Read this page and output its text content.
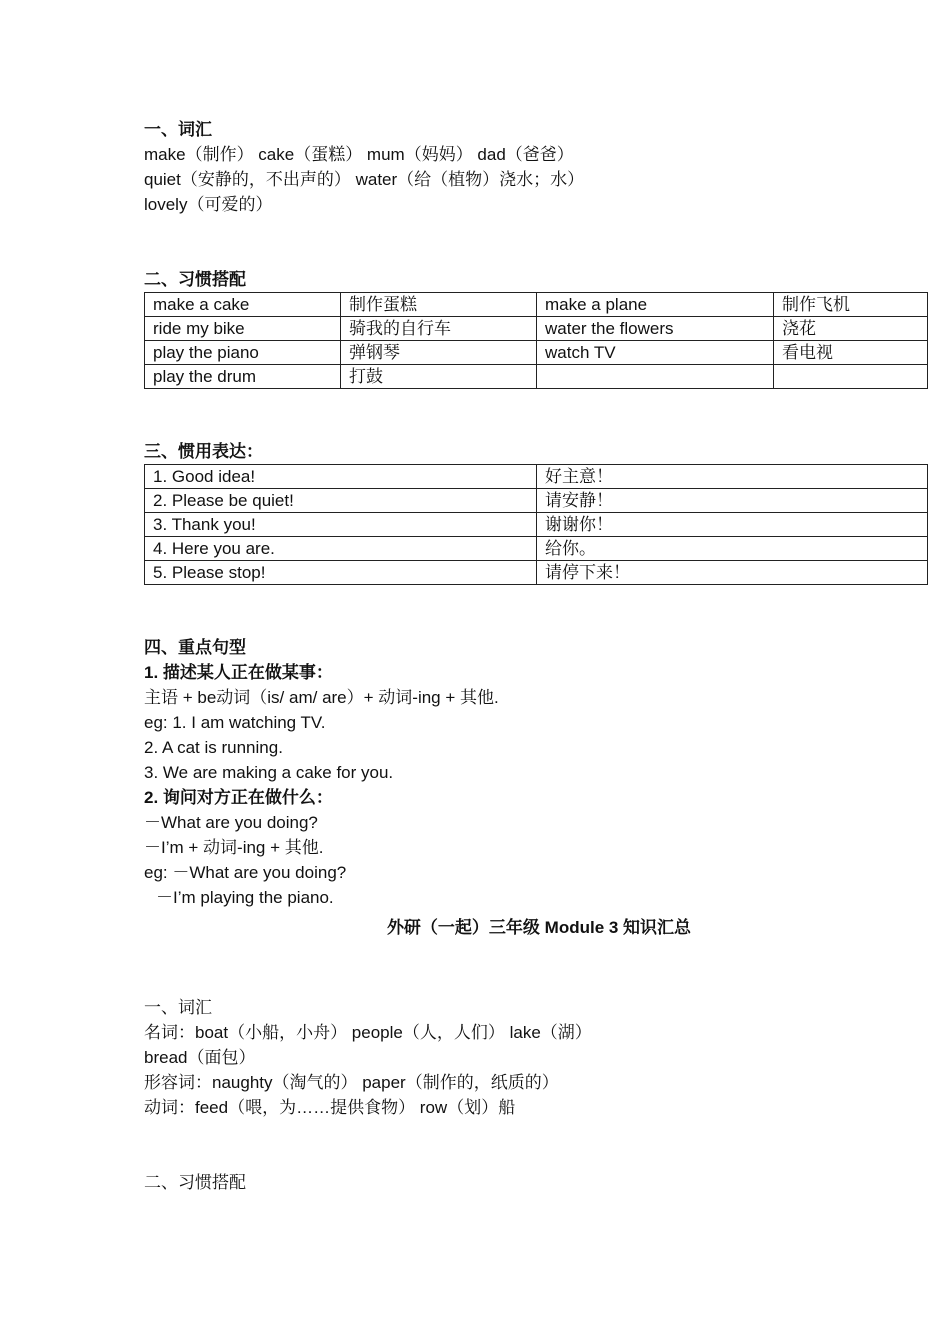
一、词汇
make（制作） cake（蛋糕） mum（妈妈） dad（爸爸）
quiet（安静的，不出声的） water（给（植物）浇水；水）
lovely（可爱的）
二、习惯搭配
make a cake	制作蛋糕	make a plane	制作飞机
ride my bike	骑我的自行车	water the flowers	浇花
play the piano	弹钢琴	watch TV	看电视
play the drum	打鼓		
三、惯用表达：
1. Good idea!	好主意！
2. Please be quiet!	请安静！
3. Thank you!	谢谢你！
4. Here you are.	给你。
5. Please stop!	请停下来！
四、重点句型
1. 描述某人正在做某事：
主语 + be动词（is/ am/ are）+ 动词-ing + 其他.
eg: 1. I am watching TV.
2. A cat is running.
3. We are making a cake for you.
2. 询问对方正在做什么：
－What are you doing?
－I’m + 动词-ing + 其他.
eg: －What are you doing?
－I’m playing the piano.
外研（一起）三年级 Module 3 知识汇总
一、词汇
名词：boat（小船，小舟） people（人，人们） lake（湖）
bread（面包）
形容词：naughty（淘气的） paper（制作的，纸质的）
动词：feed（喂，为……提供食物） row（划）船
二、习惯搭配
